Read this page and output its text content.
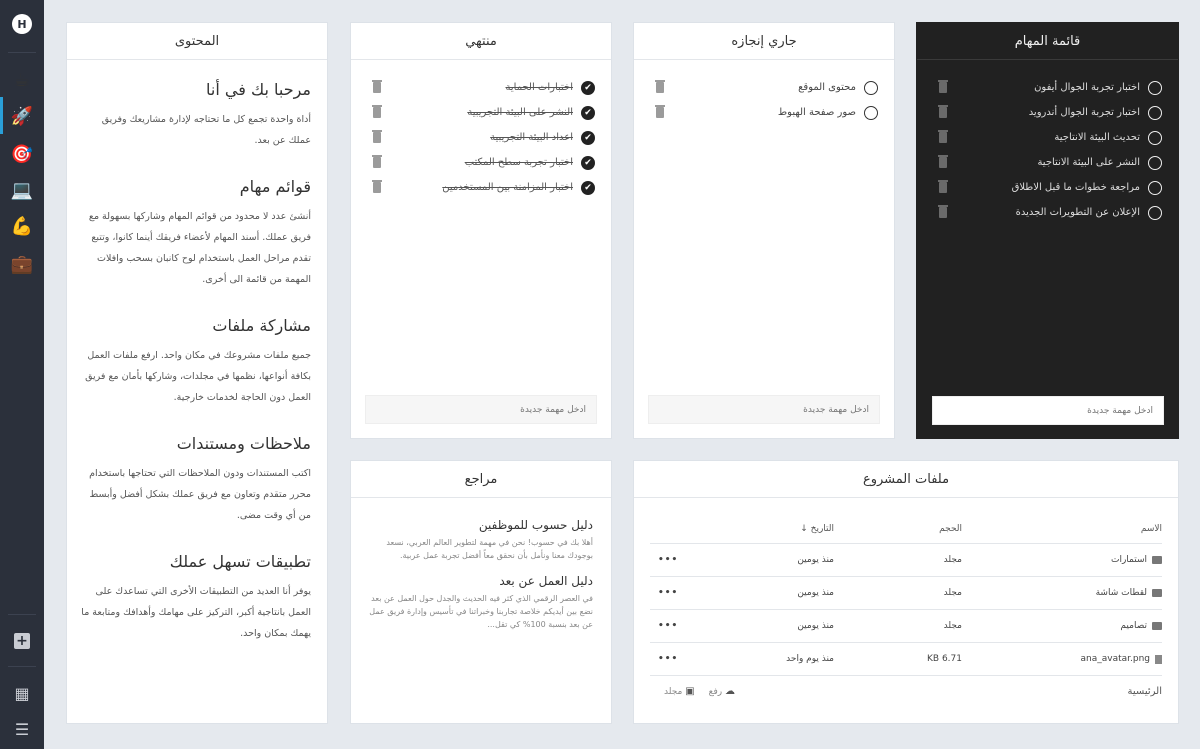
H
☕
🚀
🎯
💻
💪
💼
+
▦
☰
قائمة المهام
اختبار تجربة الجوال أيفون
اختبار تجربة الجوال أندرويد
تحديث البيئة الانتاجية
النشر على البيئة الانتاجية
مراجعة خطوات ما قبل الاطلاق
الإعلان عن التطويرات الجديدة
أدخل مهمة جديدة
جاري إنجازه
محتوى الموقع
صور صفحة الهبوط
أدخل مهمة جديدة
منتهي
✔
اختبارات الحماية
✔
النشر على البيئة التجريبية
✔
اعداد البيئة التجريبية
✔
اختبار تجربة سطح المكتب
✔
اختبار المزامنة بين المستخدمين
أدخل مهمة جديدة
المحتوى
مرحبا بك في أنا

أداة واحدة تجمع كل ما تحتاجه لإدارة مشاريعك وفريق عملك عن بعد.

قوائم مهام

أنشئ عدد لا محدود من قوائم المهام وشاركها بسهولة مع فريق عملك. أسند المهام لأعضاء فريقك أينما كانوا، وتتبع تقدم مراحل العمل باستخدام لوح كانبان بسحب وافلات المهمة من قائمة الى أخرى.

مشاركة ملفات

جميع ملفات مشروعك في مكان واحد. ارفع ملفات العمل بكافة أنواعها، نظمها في مجلدات، وشاركها بأمان مع فريق العمل دون الحاجة لخدمات خارجية.

ملاحظات ومستندات

اكتب المستندات ودون الملاحظات التي تحتاجها باستخدام محرر متقدم وتعاون مع فريق عملك بشكل أفضل وأبسط من أي وقت مضى.

تطبيقات تسهل عملك

يوفر أنا العديد من التطبيقات الأخرى التي تساعدك على العمل بانتاجية أكبر، التركيز على مهامك وأهدافك ومتابعة ما يهمك بمكان واحد.

مراجع
دليل حسوب للموظفين

أهلا بك في حسوب! نحن في مهمة لتطوير العالم العربي، نسعد بوجودك معنا ونأمل بأن نحقق معاً أفضل تجربة عمل عربية.

دليل العمل عن بعد

في العصر الرقمي الذي كثر فيه الحديث والجدل حول العمل عن بعد نضع بين أيديكم خلاصة تجاربنا وخبراتنا في تأسيس وإدارة فريق عمل عن بعد بنسبة 100% كي تقل...

ملفات المشروع
الاسم
الحجم
التاريخ ↓
استمارات
مجلد
منذ يومين
•••
لقطات شاشة
مجلد
منذ يومين
•••
تصاميم
مجلد
منذ يومين
•••
ana_avatar.png
6.71 KB
منذ يوم واحد
•••
الرئيسية
☁ رفع
▣ مجلد
